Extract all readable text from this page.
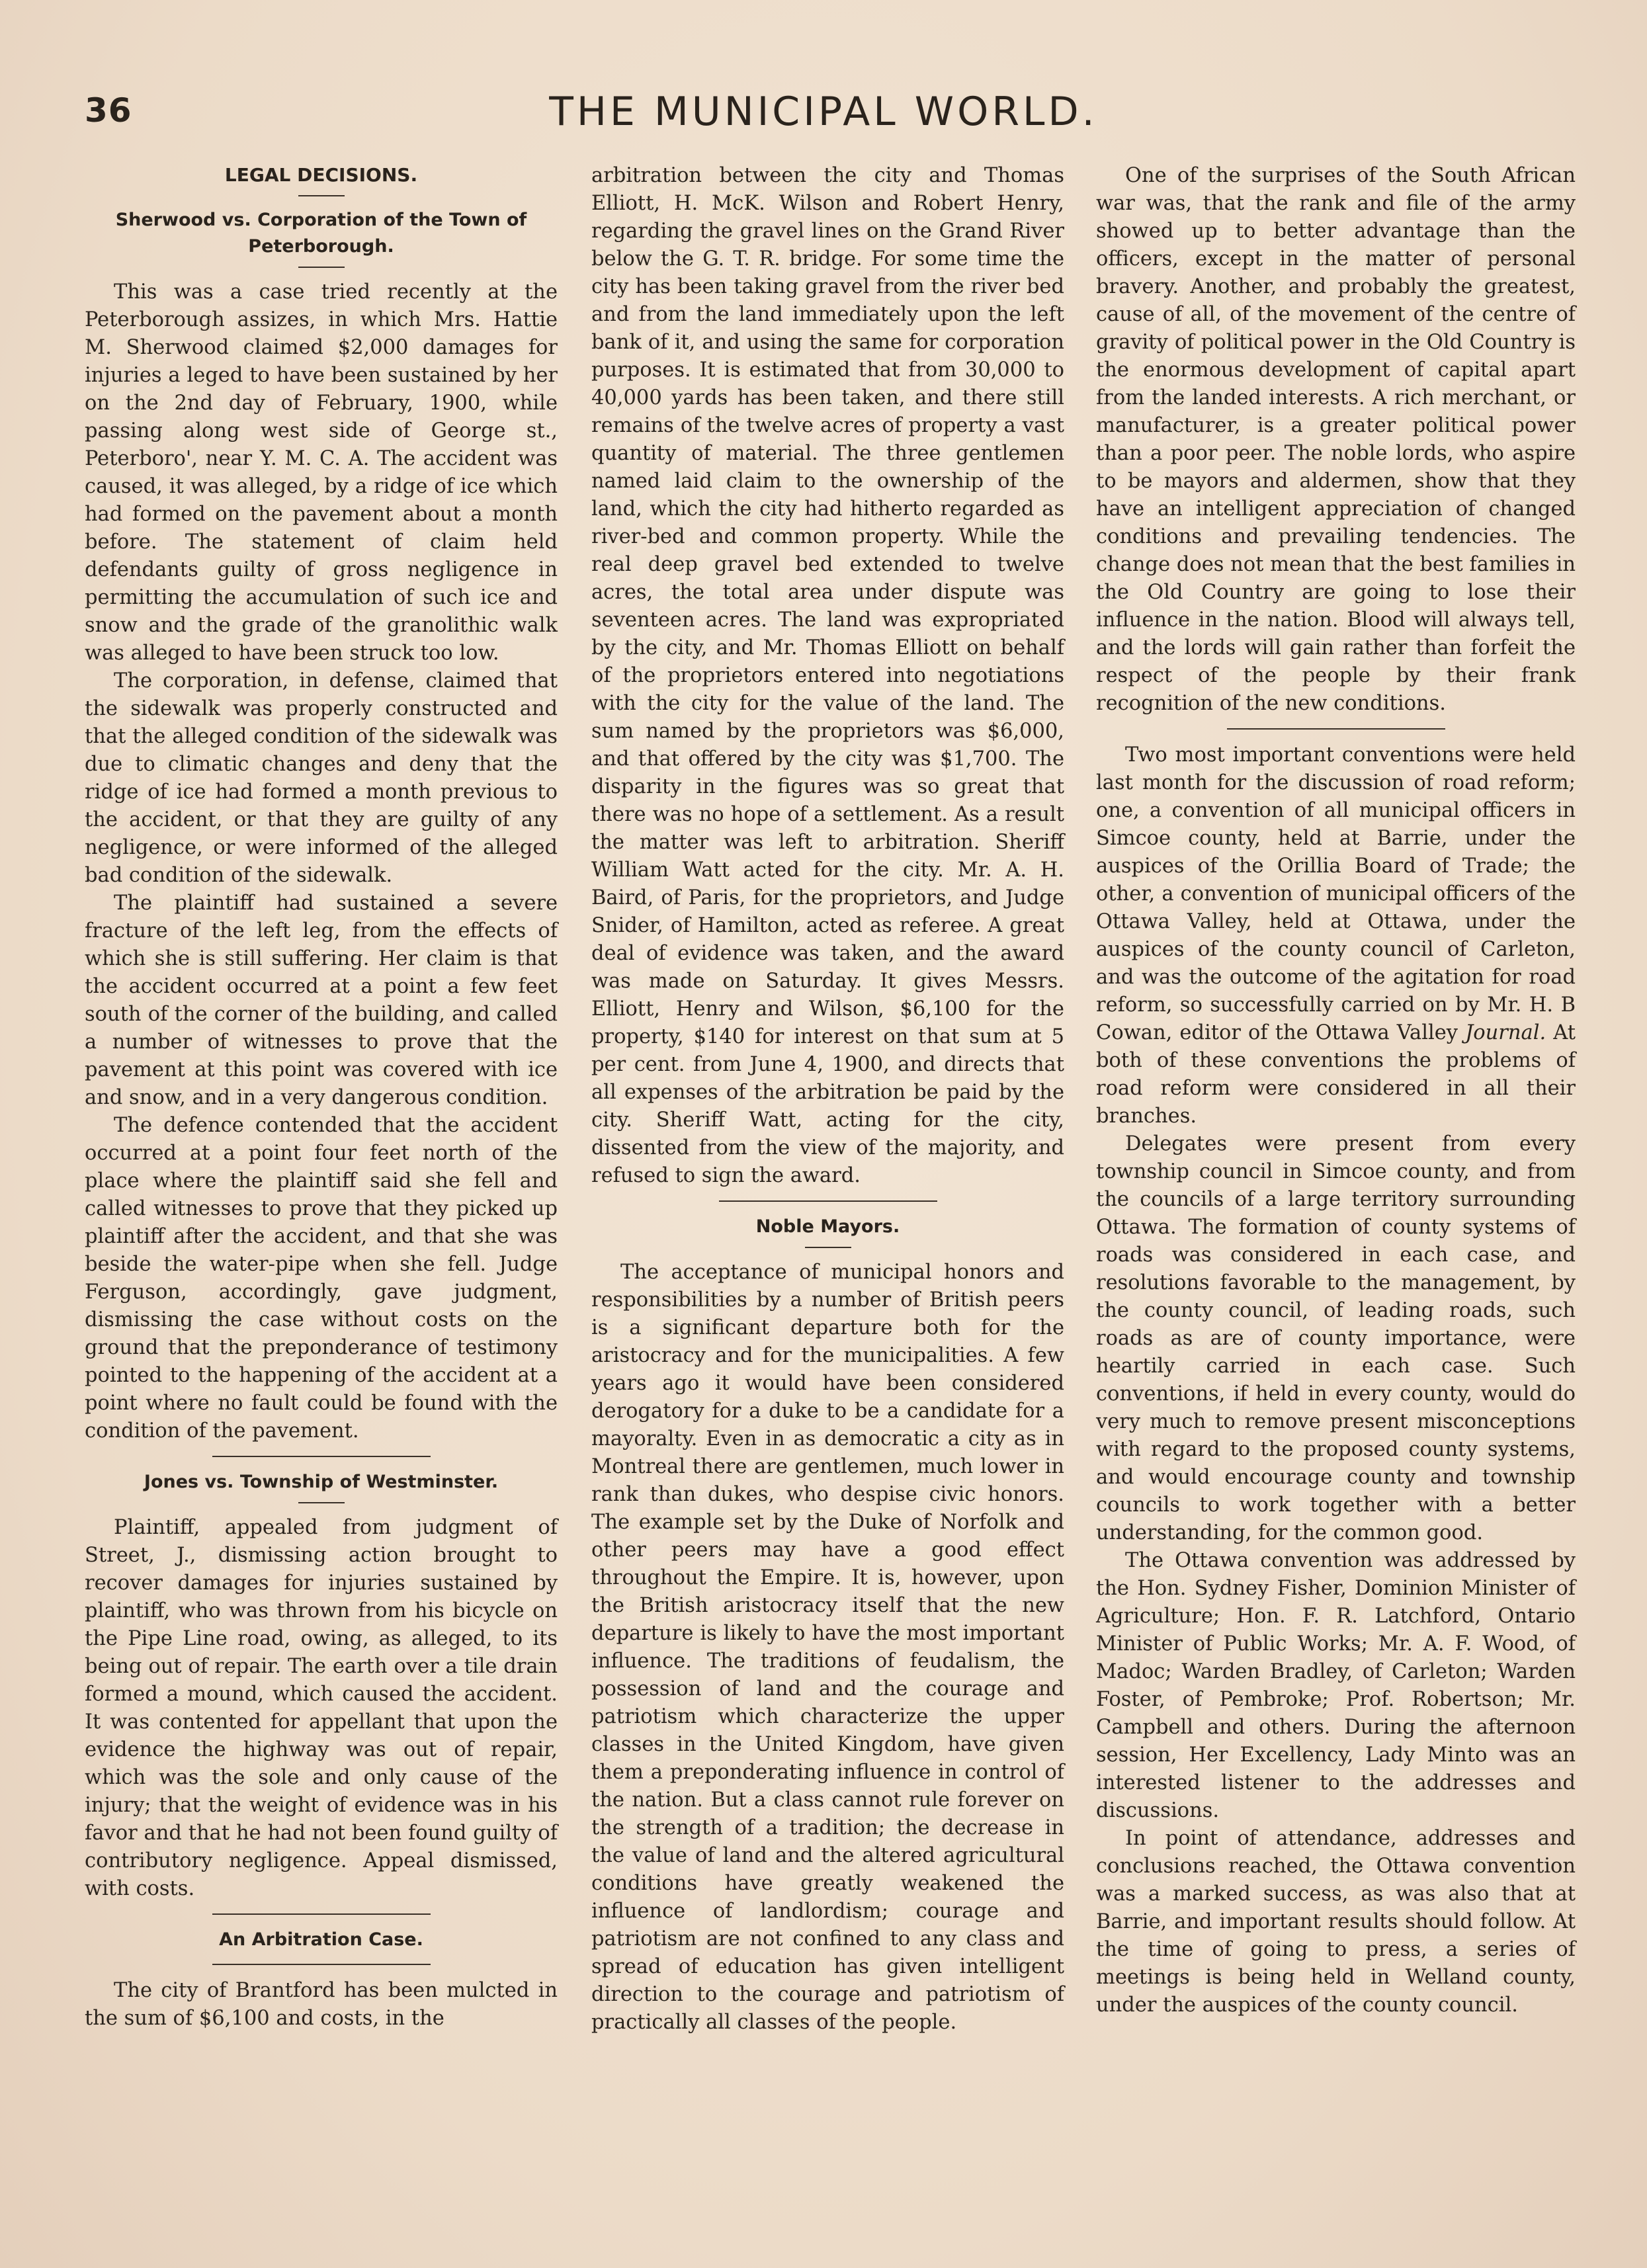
36	THE MUNICIPAL WORLD.
LEGAL DECISIONS.
Sherwood vs. Corporation of the Town of Peterborough.

This was a case tried recently at the Peterborough assizes, in which Mrs. Hattie M. Sherwood claimed $2,000 damages for injuries a leged to have been sustained by her on the 2nd day of February, 1900, while passing along west side of George st., Peterboro', near Y. M. C. A. The accident was caused, it was alleged, by a ridge of ice which had formed on the pavement about a month before. The statement of claim held defendants guilty of gross negligence in permitting the accumulation of such ice and snow and the grade of the granolithic walk was alleged to have been struck too low.

The corporation, in defense, claimed that the sidewalk was properly constructed and that the alleged condition of the sidewalk was due to climatic changes and deny that the ridge of ice had formed a month previous to the accident, or that they are guilty of any negligence, or were informed of the alleged bad condition of the sidewalk.

The plaintiff had sustained a severe fracture of the left leg, from the effects of which she is still suffering. Her claim is that the accident occurred at a point a few feet south of the corner of the building, and called a number of witnesses to prove that the pavement at this point was covered with ice and snow, and in a very dangerous condition.

The defence contended that the accident occurred at a point four feet north of the place where the plaintiff said she fell and called witnesses to prove that they picked up plaintiff after the accident, and that she was beside the water-pipe when she fell. Judge Ferguson, accordingly, gave judgment, dismissing the case without costs on the ground that the preponderance of testimony pointed to the happening of the accident at a point where no fault could be found with the condition of the pavement.

Jones vs. Township of Westminster.

Plaintiff, appealed from judgment of Street, J., dismissing action brought to recover damages for injuries sustained by plaintiff, who was thrown from his bicycle on the Pipe Line road, owing, as alleged, to its being out of repair. The earth over a tile drain formed a mound, which caused the accident. It was contented for appellant that upon the evidence the highway was out of repair, which was the sole and only cause of the injury; that the weight of evidence was in his favor and that he had not been found guilty of contributory negligence. Appeal dismissed, with costs.

An Arbitration Case.

The city of Brantford has been mulcted in the sum of $6,100 and costs, in the

arbitration between the city and Thomas Elliott, H. McK. Wilson and Robert Henry, regarding the gravel lines on the Grand River below the G. T. R. bridge. For some time the city has been taking gravel from the river bed and from the land immediately upon the left bank of it, and using the same for corporation purposes. It is estimated that from 30,000 to 40,000 yards has been taken, and there still remains of the twelve acres of property a vast quantity of material. The three gentlemen named laid claim to the ownership of the land, which the city had hitherto regarded as river-bed and common property. While the real deep gravel bed extended to twelve acres, the total area under dispute was seventeen acres. The land was expropriated by the city, and Mr. Thomas Elliott on behalf of the proprietors entered into negotiations with the city for the value of the land. The sum named by the proprietors was $6,000, and that offered by the city was $1,700. The disparity in the figures was so great that there was no hope of a settlement. As a result the matter was left to arbitration. Sheriff William Watt acted for the city. Mr. A. H. Baird, of Paris, for the proprietors, and Judge Snider, of Hamilton, acted as referee. A great deal of evidence was taken, and the award was made on Saturday. It gives Messrs. Elliott, Henry and Wilson, $6,100 for the property, $140 for interest on that sum at 5 per cent. from June 4, 1900, and directs that all expenses of the arbitration be paid by the city. Sheriff Watt, acting for the city, dissented from the view of the majority, and refused to sign the award.

Noble Mayors.

The acceptance of municipal honors and responsibilities by a number of British peers is a significant departure both for the aristocracy and for the municipalities. A few years ago it would have been considered derogatory for a duke to be a candidate for a mayoralty. Even in as democratic a city as in Montreal there are gentlemen, much lower in rank than dukes, who despise civic honors. The example set by the Duke of Norfolk and other peers may have a good effect throughout the Empire. It is, however, upon the British aristocracy itself that the new departure is likely to have the most important influence. The traditions of feudalism, the possession of land and the courage and patriotism which characterize the upper classes in the United Kingdom, have given them a preponderating influence in control of the nation. But a class cannot rule forever on the strength of a tradition; the decrease in the value of land and the altered agricultural conditions have greatly weakened the influence of landlordism; courage and patriotism are not confined to any class and spread of education has given intelligent direction to the courage and patriotism of practically all classes of the people.

One of the surprises of the South African war was, that the rank and file of the army showed up to better advantage than the officers, except in the matter of personal bravery. Another, and probably the greatest, cause of all, of the movement of the centre of gravity of political power in the Old Country is the enormous development of capital apart from the landed interests. A rich merchant, or manufacturer, is a greater political power than a poor peer. The noble lords, who aspire to be mayors and aldermen, show that they have an intelligent appreciation of changed conditions and prevailing tendencies. The change does not mean that the best families in the Old Country are going to lose their influence in the nation. Blood will always tell, and the lords will gain rather than forfeit the respect of the people by their frank recognition of the new conditions.

Two most important conventions were held last month for the discussion of road reform; one, a convention of all municipal officers in Simcoe county, held at Barrie, under the auspices of the Orillia Board of Trade; the other, a convention of municipal officers of the Ottawa Valley, held at Ottawa, under the auspices of the county council of Carleton, and was the outcome of the agitation for road reform, so successfully carried on by Mr. H. B Cowan, editor of the Ottawa Valley Journal. At both of these conventions the problems of road reform were considered in all their branches.

Delegates were present from every township council in Simcoe county, and from the councils of a large territory surrounding Ottawa. The formation of county systems of roads was considered in each case, and resolutions favorable to the management, by the county council, of leading roads, such roads as are of county importance, were heartily carried in each case. Such conventions, if held in every county, would do very much to remove present misconceptions with regard to the proposed county systems, and would encourage county and township councils to work together with a better understanding, for the common good.

The Ottawa convention was addressed by the Hon. Sydney Fisher, Dominion Minister of Agriculture; Hon. F. R. Latchford, Ontario Minister of Public Works; Mr. A. F. Wood, of Madoc; Warden Bradley, of Carleton; Warden Foster, of Pembroke; Prof. Robertson; Mr. Campbell and others. During the afternoon session, Her Excellency, Lady Minto was an interested listener to the addresses and discussions.

In point of attendance, addresses and conclusions reached, the Ottawa convention was a marked success, as was also that at Barrie, and important results should follow. At the time of going to press, a series of meetings is being held in Welland county, under the auspices of the county council.
